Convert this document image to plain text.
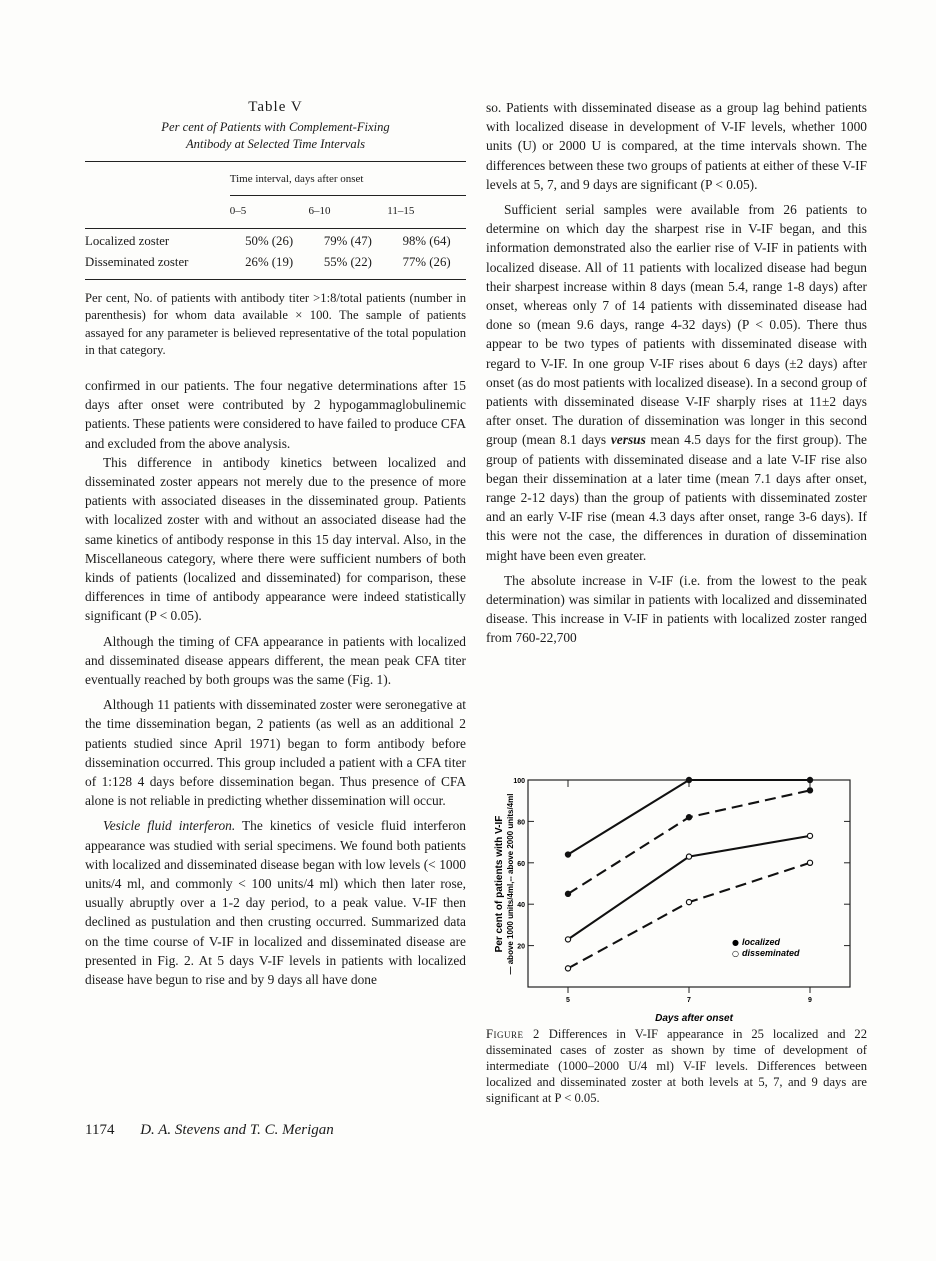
Table V
Per cent of Patients with Complement-Fixing
Antibody at Selected Time Intervals

	Time interval, days after onset		
	0–5	6–10	11–15
Localized zoster	50% (26)	79% (47)	98% (64)
Disseminated zoster	26% (19)	55% (22)	77% (26)

Per cent, No. of patients with antibody titer >1:8/total patients (number in parenthesis) for whom data available × 100. The sample of patients assayed for any parameter is believed representative of the total population in that category.

confirmed in our patients. The four negative determinations after 15 days after onset were contributed by 2 hypogammaglobulinemic patients. These patients were considered to have failed to produce CFA and excluded from the above analysis.

This difference in antibody kinetics between localized and disseminated zoster appears not merely due to the presence of more patients with associated diseases in the disseminated group. Patients with localized zoster with and without an associated disease had the same kinetics of antibody response in this 15 day interval. Also, in the Miscellaneous category, where there were sufficient numbers of both kinds of patients (localized and disseminated) for comparison, these differences in time of antibody appearance were indeed statistically significant (P < 0.05).

Although the timing of CFA appearance in patients with localized and disseminated disease appears different, the mean peak CFA titer eventually reached by both groups was the same (Fig. 1).

Although 11 patients with disseminated zoster were seronegative at the time dissemination began, 2 patients (as well as an additional 2 patients studied since April 1971) began to form antibody before dissemination occurred. This group included a patient with a CFA titer of 1:128 4 days before dissemination began. Thus presence of CFA alone is not reliable in predicting whether dissemination will occur.

Vesicle fluid interferon. The kinetics of vesicle fluid interferon appearance was studied with serial specimens. We found both patients with localized and disseminated disease began with low levels (< 1000 units/4 ml, and commonly < 100 units/4 ml) which then later rose, usually abruptly over a 1-2 day period, to a peak value. V-IF then declined as pustulation and then crusting occurred. Summarized data on the time course of V-IF in localized and disseminated disease are presented in Fig. 2. At 5 days V-IF levels in patients with localized disease have begun to rise and by 9 days all have done

so. Patients with disseminated disease as a group lag behind patients with localized disease in development of V-IF levels, whether 1000 units (U) or 2000 U is compared, at the time intervals shown. The differences between these two groups of patients at either of these V-IF levels at 5, 7, and 9 days are significant (P < 0.05).

Sufficient serial samples were available from 26 patients to determine on which day the sharpest rise in V-IF began, and this information demonstrated also the earlier rise of V-IF in patients with localized disease. All of 11 patients with localized disease had begun their sharpest increase within 8 days (mean 5.4, range 1-8 days) after onset, whereas only 7 of 14 patients with disseminated disease had done so (mean 9.6 days, range 4-32 days) (P < 0.05). There thus appear to be two types of patients with disseminated disease with regard to V-IF. In one group V-IF rises about 6 days (±2 days) after onset (as do most patients with localized disease). In a second group of patients with disseminated disease V-IF sharply rises at 11±2 days after onset. The duration of dissemination was longer in this second group (mean 8.1 days versus mean 4.5 days for the first group). The group of patients with disseminated disease and a late V-IF rise also began their dissemination at a later time (mean 7.1 days after onset, range 2-12 days) than the group of patients with disseminated zoster and an early V-IF rise (mean 4.3 days after onset, range 3-6 days). If this were not the case, the differences in duration of dissemination might have been even greater.

The absolute increase in V-IF (i.e. from the lowest to the peak determination) was similar in patients with localized and disseminated disease. This increase in V-IF in patients with localized zoster ranged from 760-22,700

Per cent of patients with V-IF — above 1000 units/4ml,-- above 2000 units/4ml
Days after onset
20
40
60
80
100
5	7	9
● localized
○ disseminated
Figure 2 Differences in V-IF appearance in 25 localized and 22 disseminated cases of zoster as shown by time of development of intermediate (1000–2000 U/4 ml) V-IF levels. Differences between localized and disseminated zoster at both levels at 5, 7, and 9 days are significant at P < 0.05.
1174 D. A. Stevens and T. C. Merigan
